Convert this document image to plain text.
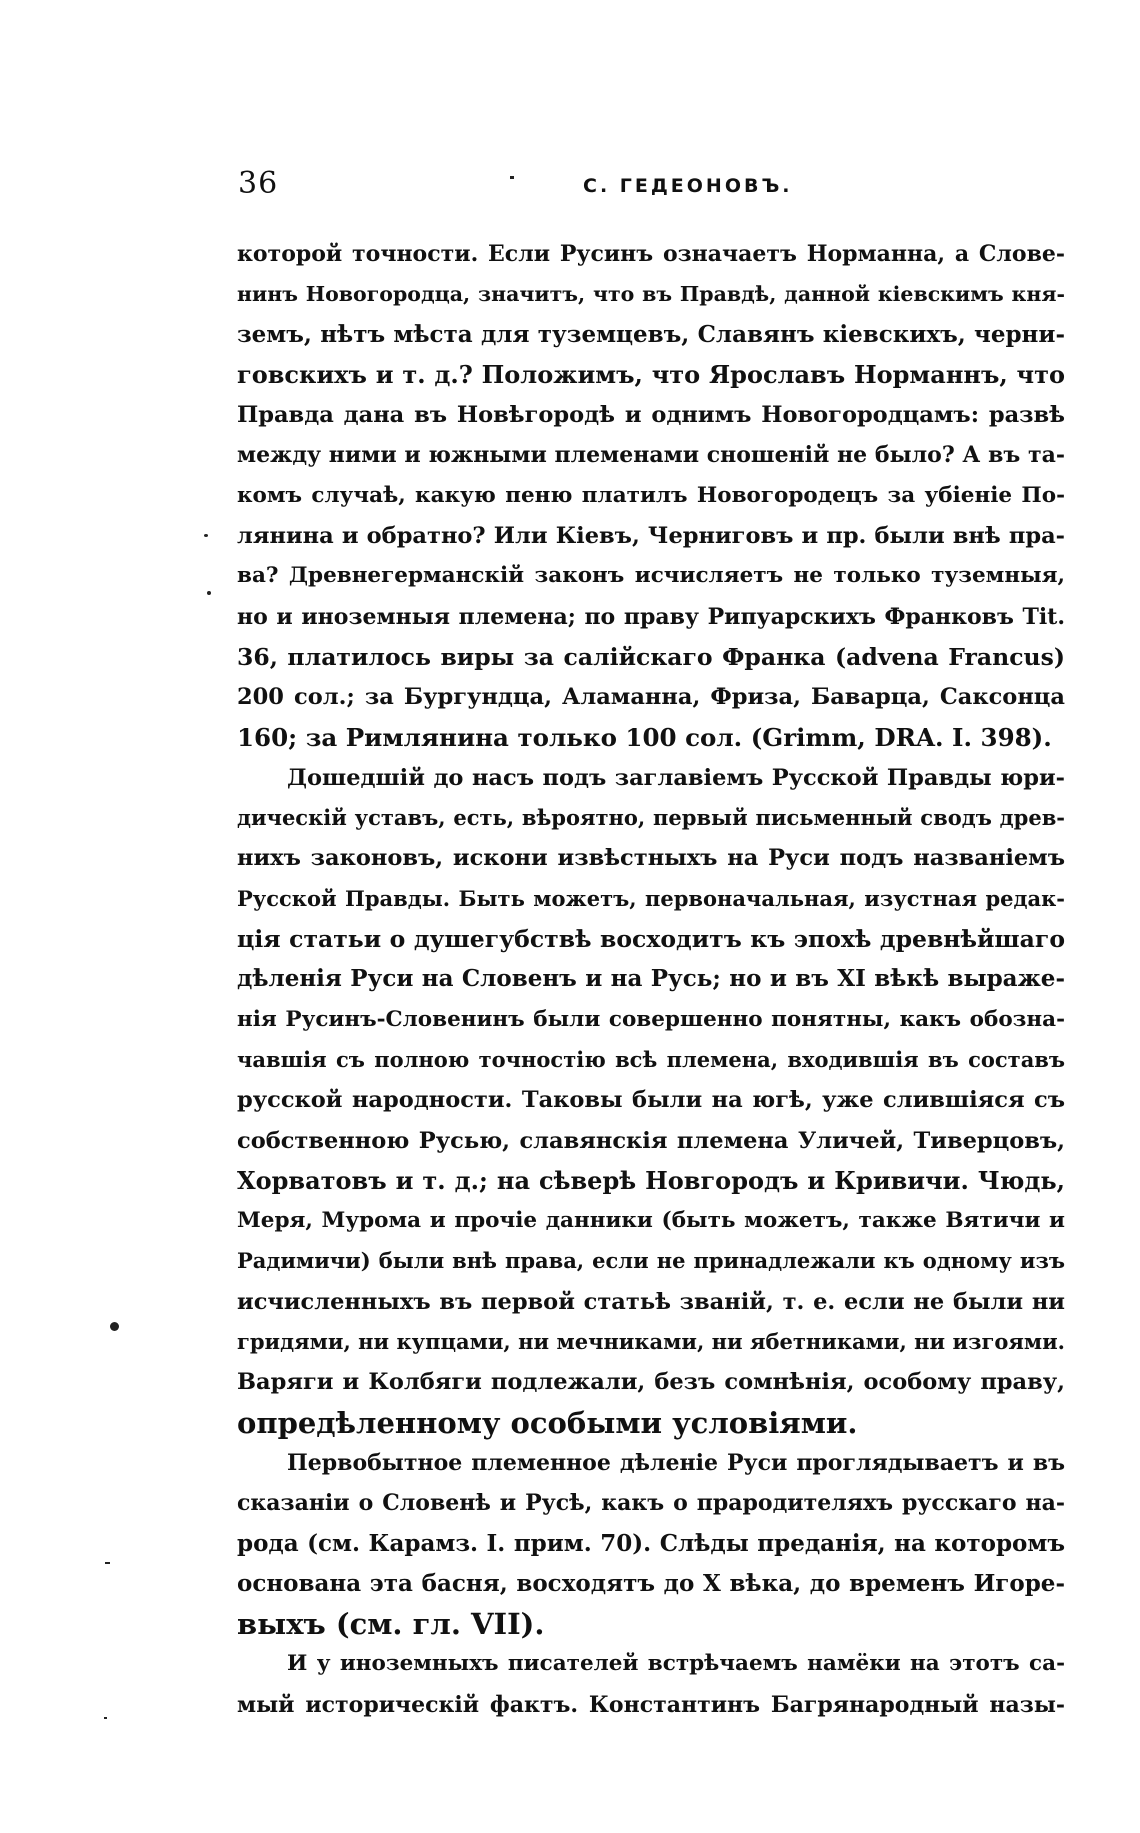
36	С. ГЕДЕОНОВЪ.
которой точности. Если Русинъ означаетъ Норманна, а Слове-
нинъ Новогородца, значитъ, что въ Правдѣ, данной кіевскимъ кня-
земъ, нѣтъ мѣста для туземцевъ, Славянъ кіевскихъ, черни-
говскихъ и т. д.? Положимъ, что Ярославъ Норманнъ, что
Правда дана въ Новѣгородѣ и однимъ Новогородцамъ: развѣ
между ними и южными племенами сношеній не было? А въ та-
комъ случаѣ, какую пеню платилъ Новогородецъ за убіеніе По-
лянина и обратно? Или Кіевъ, Черниговъ и пр. были внѣ пра-
ва? Древнегерманскій законъ исчисляетъ не только туземныя,
но и иноземныя племена; по праву Рипуарскихъ Франковъ Tit.
36, платилось виры за салійскаго Франка (advena Francus)
200 сол.; за Бургундца, Аламанна, Фриза, Баварца, Саксонца
160; за Римлянина только 100 сол. (Grimm, DRA. I. 398).
Дошедшій до насъ подъ заглавіемъ Русской Правды юри-
дическій уставъ, есть, вѣроятно, первый письменный сводъ древ-
нихъ законовъ, искони извѣстныхъ на Руси подъ названіемъ
Русской Правды. Быть можетъ, первоначальная, изустная редак-
ція статьи о душегубствѣ восходитъ къ эпохѣ древнѣйшаго
дѣленія Руси на Словенъ и на Русь; но и въ XI вѣкѣ выраже-
нія Русинъ-Словенинъ были совершенно понятны, какъ обозна-
чавшія съ полною точностію всѣ племена, входившія въ составъ
русской народности. Таковы были на югѣ, уже слившіяся съ
собственною Русью, славянскія племена Уличей, Тиверцовъ,
Хорватовъ и т. д.; на сѣверѣ Новгородъ и Кривичи. Чюдь,
Меря, Мурома и прочіе данники (быть можетъ, также Вятичи и
Радимичи) были внѣ права, если не принадлежали къ одному изъ
исчисленныхъ въ первой статьѣ званій, т. е. если не были ни
гридями, ни купцами, ни мечниками, ни ябетниками, ни изгоями.
Варяги и Колбяги подлежали, безъ сомнѣнія, особому праву,
опредѣленному особыми условіями.
Первобытное племенное дѣленіе Руси проглядываетъ и въ
сказаніи о Словенѣ и Русѣ, какъ о прародителяхъ русскаго на-
рода (см. Карамз. I. прим. 70). Слѣды преданія, на которомъ
основана эта басня, восходятъ до X вѣка, до временъ Игоре-
выхъ (см. гл. VII).
И у иноземныхъ писателей встрѣчаемъ намёки на этотъ са-
мый историческій фактъ. Константинъ Багрянародный назы-
